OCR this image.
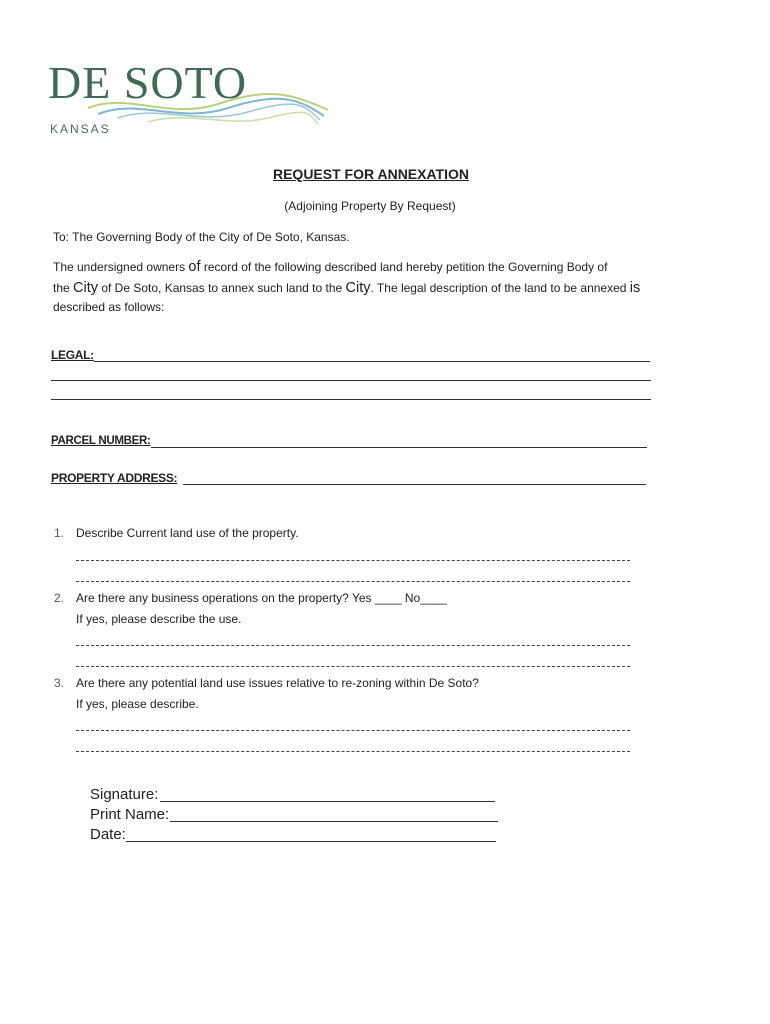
DE SOTO
KANSAS
REQUEST FOR ANNEXATION
(Adjoining Property By Request)
To: The Governing Body of the City of De Soto, Kansas.
The undersigned owners of record of the following described land hereby petition the Governing Body of
the City of De Soto, Kansas to annex such land to the City. The legal description of the land to be annexed is
described as follows:
LEGAL:
PARCEL NUMBER:
PROPERTY ADDRESS:
1. Describe Current land use of the property.
2. Are there any business operations on the property? Yes ____ No____
If yes, please describe the use.
3. Are there any potential land use issues relative to re-zoning within De Soto?
If yes, please describe.
Signature:
Print Name:
Date:
